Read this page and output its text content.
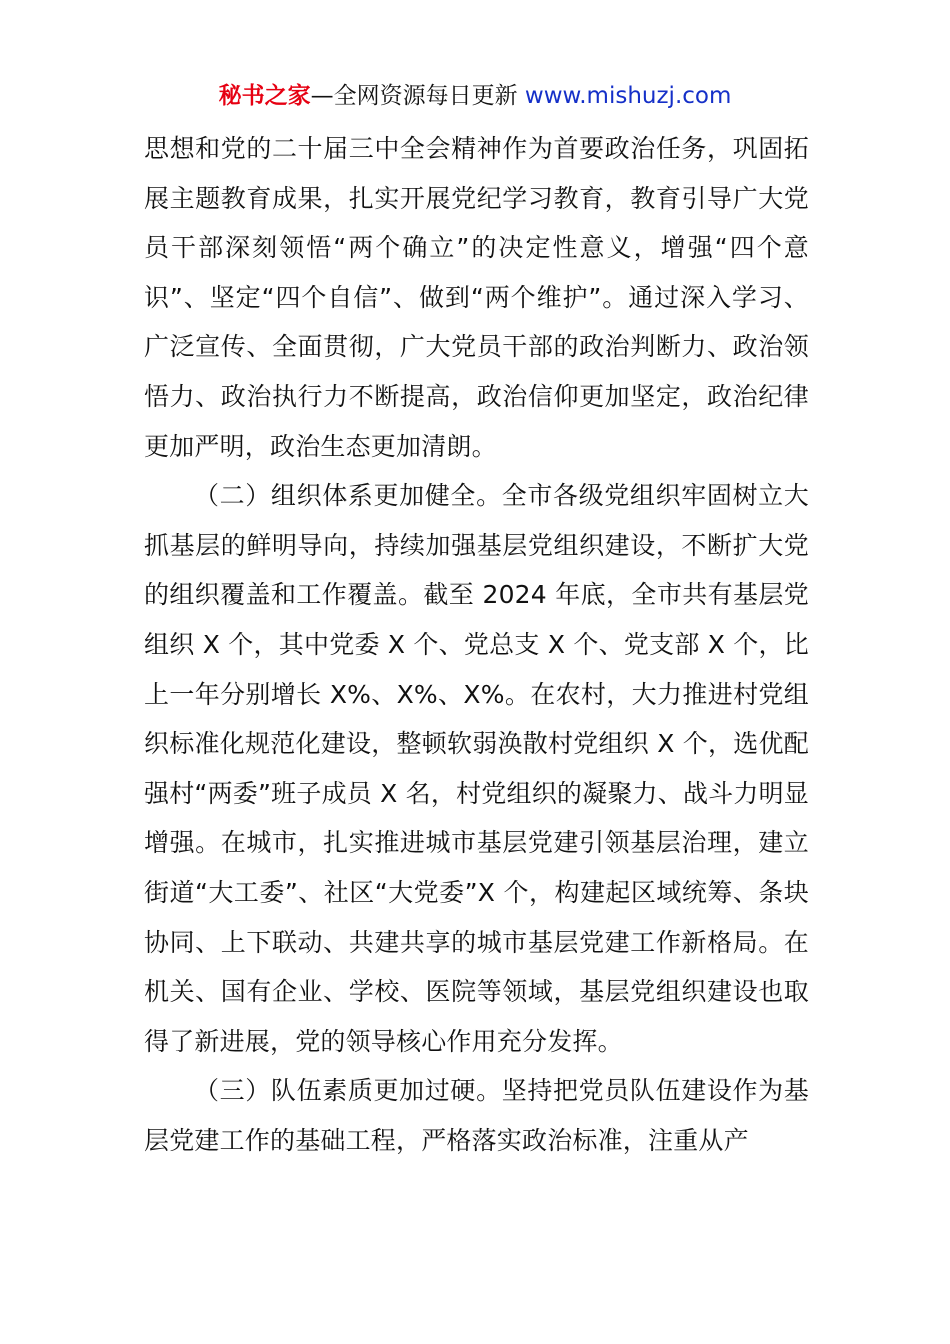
秘书之家—全网资源每日更新 www.mishuzj.com

思想和党的二十届三中全会精神作为首要政治任务，巩固拓展主题教育成果，扎实开展党纪学习教育，教育引导广大党员干部深刻领悟“两个确立”的决定性意义，增强“四个意识”、坚定“四个自信”、做到“两个维护”。通过深入学习、广泛宣传、全面贯彻，广大党员干部的政治判断力、政治领悟力、政治执行力不断提高，政治信仰更加坚定，政治纪律更加严明，政治生态更加清朗。

（二）组织体系更加健全。全市各级党组织牢固树立大抓基层的鲜明导向，持续加强基层党组织建设，不断扩大党的组织覆盖和工作覆盖。截至 2024 年底，全市共有基层党组织 X 个，其中党委 X 个、党总支 X 个、党支部 X 个，比上一年分别增长 X%、X%、X%。在农村，大力推进村党组织标准化规范化建设，整顿软弱涣散村党组织 X 个，选优配强村“两委”班子成员 X 名，村党组织的凝聚力、战斗力明显增强。在城市，扎实推进城市基层党建引领基层治理，建立街道“大工委”、社区“大党委”X 个，构建起区域统筹、条块协同、上下联动、共建共享的城市基层党建工作新格局。在机关、国有企业、学校、医院等领域，基层党组织建设也取得了新进展，党的领导核心作用充分发挥。

（三）队伍素质更加过硬。坚持把党员队伍建设作为基层党建工作的基础工程，严格落实政治标准，注重从产
